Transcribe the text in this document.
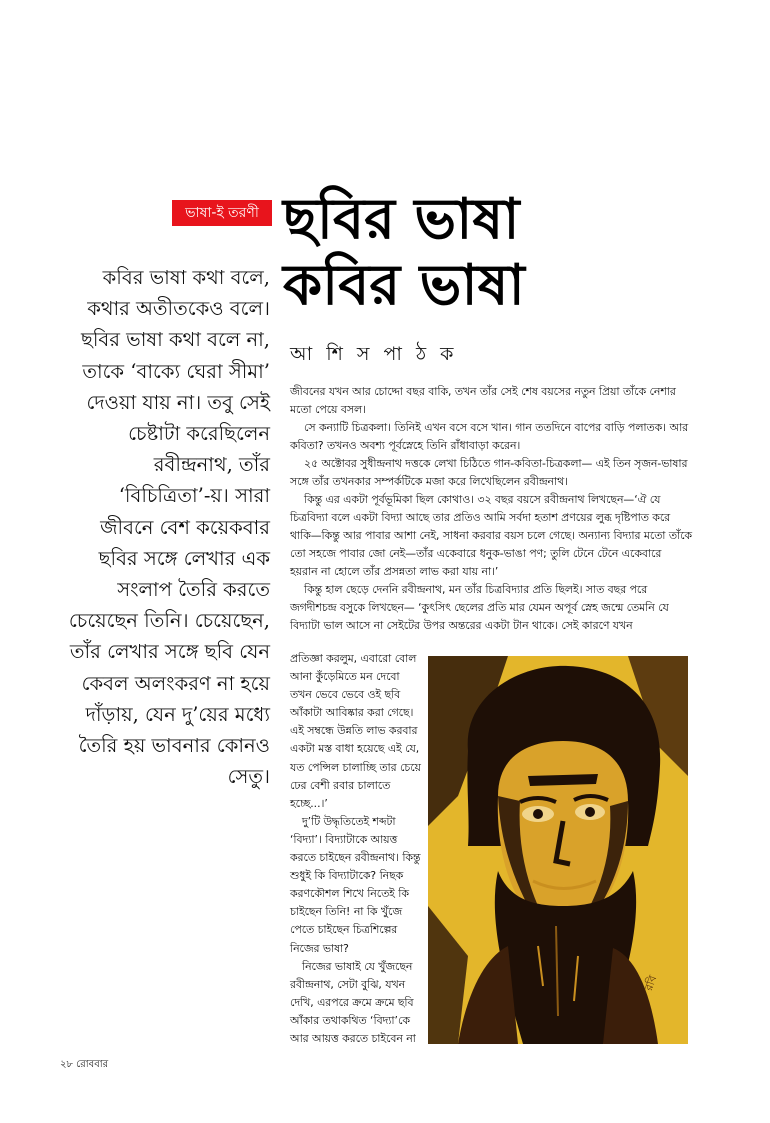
ভাষা-ই তরণী ছবির ভাষা
কবির ভাষা
আ শি স পা ঠ ক

কবির ভাষা কথা বলে, কথার অতীতকেও বলে। ছবির ভাষা কথা বলে না, তাকে ‘বাক্যে ঘেরা সীমা’ দেওয়া যায় না। তবু সেই চেষ্টাটা করেছিলেন রবীন্দ্রনাথ, তাঁর ‘বিচিত্রিতা’-য়। সারা জীবনে বেশ কয়েকবার ছবির সঙ্গে লেখার এক সংলাপ তৈরি করতে চেয়েছেন তিনি। চেয়েছেন, তাঁর লেখার সঙ্গে ছবি যেন কেবল অলংকরণ না হয়ে দাঁড়ায়, যেন দু’য়ের মধ্যে তৈরি হয় ভাবনার কোনও সেতু।

জীবনের যখন আর চোদ্দো বছর বাকি, তখন তাঁর সেই শেষ বয়সের নতুন প্রিয়া তাঁকে নেশার মতো পেয়ে বসল।

সে কন্যাটি চিত্রকলা। তিনিই এখন বসে বসে খান। গান ততদিনে বাপের বাড়ি পলাতক। আর কবিতা? তখনও অবশ্য পূর্বস্নেহে তিনি রাঁধাবাড়া করেন।

২৫ অক্টোবর সুধীন্দ্রনাথ দত্তকে লেখা চিঠিতে গান-কবিতা-চিত্রকলা— এই তিন সৃজন-ভাষার সঙ্গে তাঁর তখনকার সম্পর্কটিকে মজা করে লিখেছিলেন রবীন্দ্রনাথ।

কিন্তু এর একটা পূর্বভূমিকা ছিল কোথাও। ৩২ বছর বয়সে রবীন্দ্রনাথ লিখছেন—‘ঐ যে চিত্রবিদ্যা বলে একটা বিদ্যা আছে তার প্রতিও আমি সর্বদা হতাশ প্রণয়ের লুব্ধ দৃষ্টিপাত করে থাকি—কিন্তু আর পাবার আশা নেই, সাধনা করবার বয়স চলে গেছে। অন্যান্য বিদ্যার মতো তাঁকে তো সহজে পাবার জো নেই—তাঁর একেবারে ধনুক-ভাঙা পণ; তুলি টেনে টেনে একেবারে হয়রান না হোলে তাঁর প্রসন্নতা লাভ করা যায় না।’

কিন্তু হাল ছেড়ে দেননি রবীন্দ্রনাথ, মন তাঁর চিত্রবিদ্যার প্রতি ছিলই। সাত বছর পরে জগদীশচন্দ্র বসুকে লিখছেন— ‘কুৎসিৎ ছেলের প্রতি মার যেমন অপূর্ব স্নেহ জন্মে তেমনি যে বিদ্যাটা ভাল আসে না সেইটের উপর অন্তরের একটা টান থাকে। সেই কারণে যখন

প্রতিজ্ঞা করলুম, এবারো বোল আনা কুঁড়েমিতে মন দেবো তখন ভেবে ভেবে ওই ছবি আঁকাটা আবিষ্কার করা গেছে। এই সম্বন্ধে উন্নতি লাভ করবার একটা মস্ত বাধা হয়েছে এই যে, যত পেন্সিল চালাচ্ছি তার চেয়ে ঢের বেশী রবার চালাতে হচ্ছে...।’

দু’টি উদ্ধৃতিতেই শব্দটা ‘বিদ্যা’। বিদ্যাটাকে আয়ত্ত করতে চাইছেন রবীন্দ্রনাথ। কিন্তু শুধুই কি বিদ্যাটাকে? নিছক করণকৌশল শিখে নিতেই কি চাইছেন তিনি! না কি খুঁজে পেতে চাইছেন চিত্রশিল্পের নিজের ভাষা?

নিজের ভাষাই যে খুঁজছেন রবীন্দ্রনাথ, সেটা বুঝি, যখন দেখি, এরপরে ক্রমে ক্রমে ছবি আঁকার তথাকথিত ‘বিদ্যা’কে আর আয়ত্ত করতে চাইবেন না

রবি
২৮ রোববার
